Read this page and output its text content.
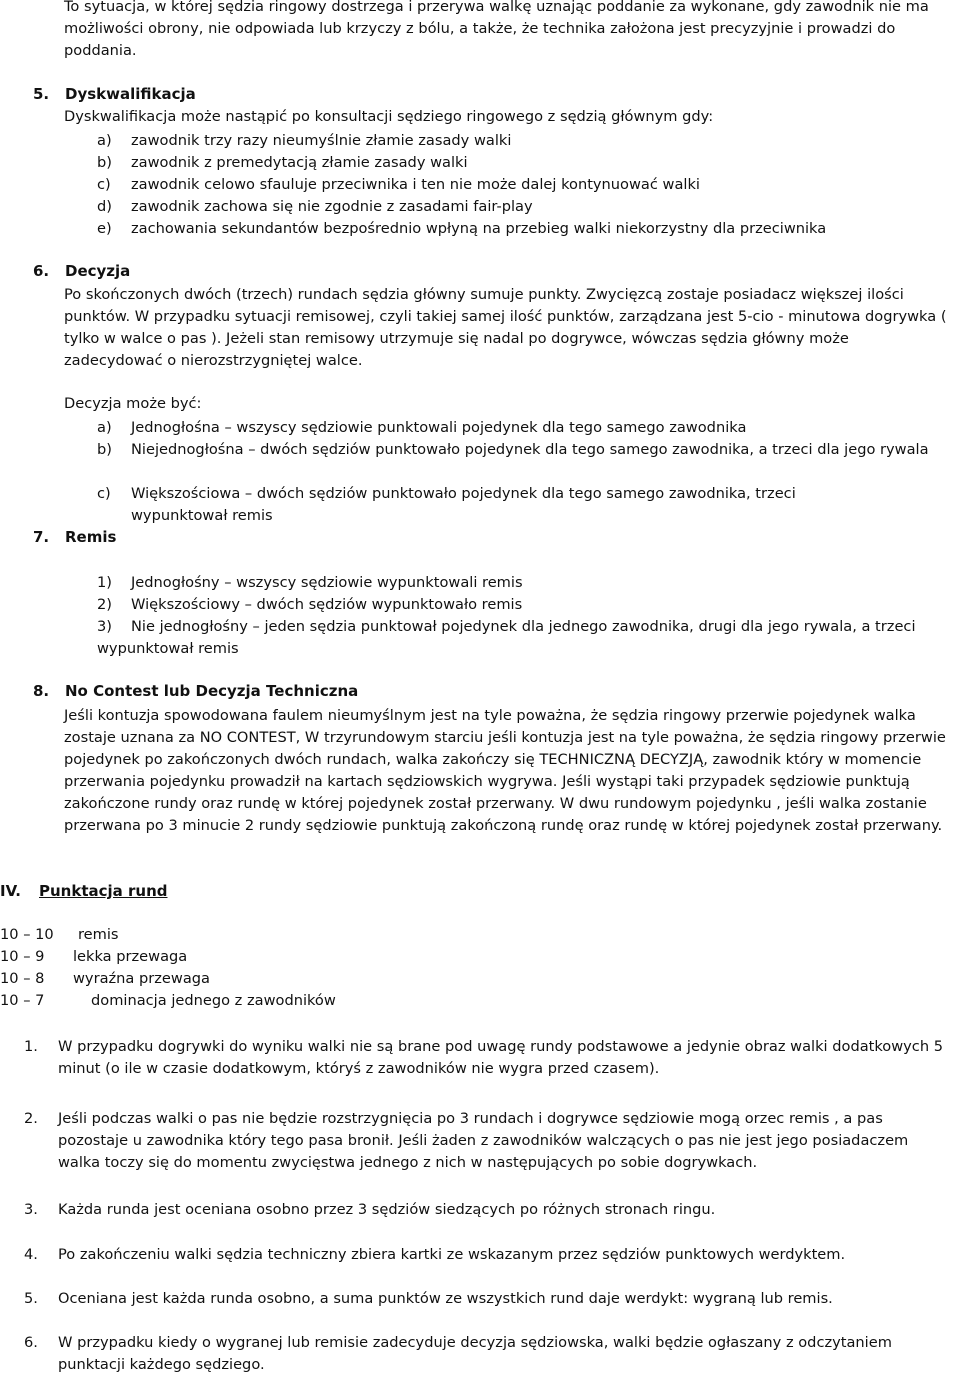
To sytuacja, w której sędzia ringowy dostrzega i przerywa walkę uznając poddanie za wykonane, gdy zawodnik nie ma możliwości obrony, nie odpowiada lub krzyczy z bólu, a także, że technika założona jest precyzyjnie i prowadzi do poddania.
5. Dyskwalifikacja
Dyskwalifikacja może nastąpić po konsultacji sędziego ringowego z sędzią głównym gdy:
a) zawodnik trzy razy nieumyślnie złamie zasady walki
b) zawodnik z premedytacją złamie zasady walki
c) zawodnik celowo sfauluje przeciwnika i ten nie może dalej kontynuować walki
d) zawodnik zachowa się nie zgodnie z zasadami fair-play
e) zachowania sekundantów bezpośrednio wpłyną na przebieg walki niekorzystny dla przeciwnika
6. Decyzja
Po skończonych dwóch (trzech) rundach sędzia główny sumuje punkty. Zwycięzcą zostaje posiadacz większej ilości punktów. W przypadku sytuacji remisowej, czyli takiej samej ilość punktów, zarządzana jest 5-cio - minutowa dogrywka ( tylko w walce o pas ). Jeżeli stan remisowy utrzymuje się nadal po dogrywce, wówczas sędzia główny może zadecydować o nierozstrzygniętej walce.
Decyzja może być:
a) Jednogłośna – wszyscy sędziowie punktowali pojedynek dla tego samego zawodnika
b)	Niejednogłośna – dwóch sędziów punktowało pojedynek dla tego samego zawodnika, a trzeci dla jego rywala
c)	Większościowa – dwóch sędziów punktowało pojedynek dla tego samego zawodnika, trzeci wypunktował remis
7. Remis
1) Jednogłośny – wszyscy sędziowie wypunktowali remis
2) Większościowy – dwóch sędziów wypunktowało remis
3) Nie jednogłośny – jeden sędzia punktował pojedynek dla jednego zawodnika, drugi dla jego rywala, a trzeci wypunktował remis
8. No Contest lub Decyzja Techniczna
Jeśli kontuzja spowodowana faulem nieumyślnym jest na tyle poważna, że sędzia ringowy przerwie pojedynek walka zostaje uznana za NO CONTEST, W trzyrundowym starciu jeśli kontuzja jest na tyle poważna, że sędzia ringowy przerwie pojedynek po zakończonych dwóch rundach, walka zakończy się TECHNICZNĄ DECYZJĄ, zawodnik który w momencie przerwania pojedynku prowadził na kartach sędziowskich wygrywa. Jeśli wystąpi taki przypadek sędziowie punktują zakończone rundy oraz rundę w której pojedynek został przerwany. W dwu rundowym pojedynku , jeśli walka zostanie przerwana po 3 minucie 2 rundy sędziowie punktują zakończoną rundę oraz rundę w której pojedynek został przerwany.
IV. Punktacja rund
10 – 10 remis
10 – 9 lekka przewaga
10 – 8 wyraźna przewaga
10 – 7	dominacja jednego z zawodników
1. W przypadku dogrywki do wyniku walki nie są brane pod uwagę rundy podstawowe a jedynie obraz walki dodatkowych 5 minut (o ile w czasie dodatkowym, któryś z zawodników nie wygra przed czasem).
2. Jeśli podczas walki o pas nie będzie rozstrzygnięcia po 3 rundach i dogrywce sędziowie mogą orzec remis , a pas pozostaje u zawodnika który tego pasa bronił. Jeśli żaden z zawodników walczących o pas nie jest jego posiadaczem walka toczy się do momentu zwycięstwa jednego z nich w następujących po sobie dogrywkach.
3. Każda runda jest oceniana osobno przez 3 sędziów siedzących po różnych stronach ringu.
4. Po zakończeniu walki sędzia techniczny zbiera kartki ze wskazanym przez sędziów punktowych werdyktem.
5. Oceniana jest każda runda osobno, a suma punktów ze wszystkich rund daje werdykt: wygraną lub remis.
6. W przypadku kiedy o wygranej lub remisie zadecyduje decyzja sędziowska, walki będzie ogłaszany z odczytaniem punktacji każdego sędziego.
